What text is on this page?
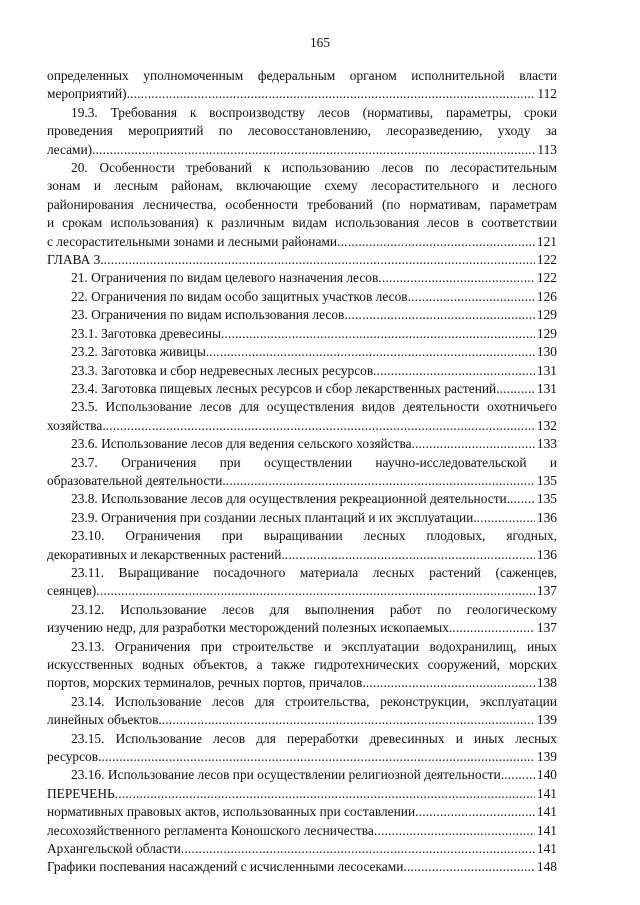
165
определенных уполномоченным федеральным органом исполнительной власти
мероприятий). .....	112
19.3. Требования к воспроизводству лесов (нормативы, параметры, сроки
проведения мероприятий по лесовосстановлению, лесоразведению, уходу за
лесами). .....	113
20. Особенности требований к использованию лесов по лесорастительным
зонам и лесным районам, включающие схему лесорастительного и лесного
районирования лесничества, особенности требований (по нормативам, параметрам
и срокам использования) к различным видам использования лесов в соответствии
с лесорастительными зонами и лесными районами .....	121
ГЛАВА 3. .....	122
21. Ограничения по видам целевого назначения лесов .....	122
22. Ограничения по видам особо защитных участков лесов .....	126
23. Ограничения по видам использования лесов .....	129
23.1. Заготовка древесины. .....	129
23.2. Заготовка живицы. .....	130
23.3. Заготовка и сбор недревесных лесных ресурсов. .....	131
23.4. Заготовка пищевых лесных ресурсов и сбор лекарственных растений. .....	131
23.5. Использование лесов для осуществления видов деятельности охотничьего
хозяйства. .....	132
23.6. Использование лесов для ведения сельского хозяйства. .....	133
23.7. Ограничения при осуществлении научно-исследовательской и
образовательной деятельности. .....	135
23.8. Использование лесов для осуществления рекреационной деятельности. ..... 135
23.9. Ограничения при создании лесных плантаций и их эксплуатации. .....	136
23.10. Ограничения при выращивании лесных плодовых, ягодных,
декоративных и лекарственных растений. .....	136
23.11. Выращивание посадочного материала лесных растений (саженцев,
сеянцев) .....	137
23.12. Использование лесов для выполнения работ по геологическому
изучению недр, для разработки месторождений полезных ископаемых. .....	137
23.13. Ограничения при строительстве и эксплуатации водохранилищ, иных
искусственных водных объектов, а также гидротехнических сооружений, морских
портов, морских терминалов, речных портов, причалов. .....	138
23.14. Использование лесов для строительства, реконструкции, эксплуатации
линейных объектов. .....	139
23.15. Использование лесов для переработки древесинных и иных лесных
ресурсов. .....	139
23.16. Использование лесов при осуществлении религиозной деятельности. ..... 140
ПЕРЕЧЕНЬ .....	141
нормативных правовых актов, использованных при составлении .....	141
лесохозяйственного регламента Коношского лесничества .....	141
Архангельской области .....	141
Графики поспевания насаждений с исчисленными лесосеками .....	148
